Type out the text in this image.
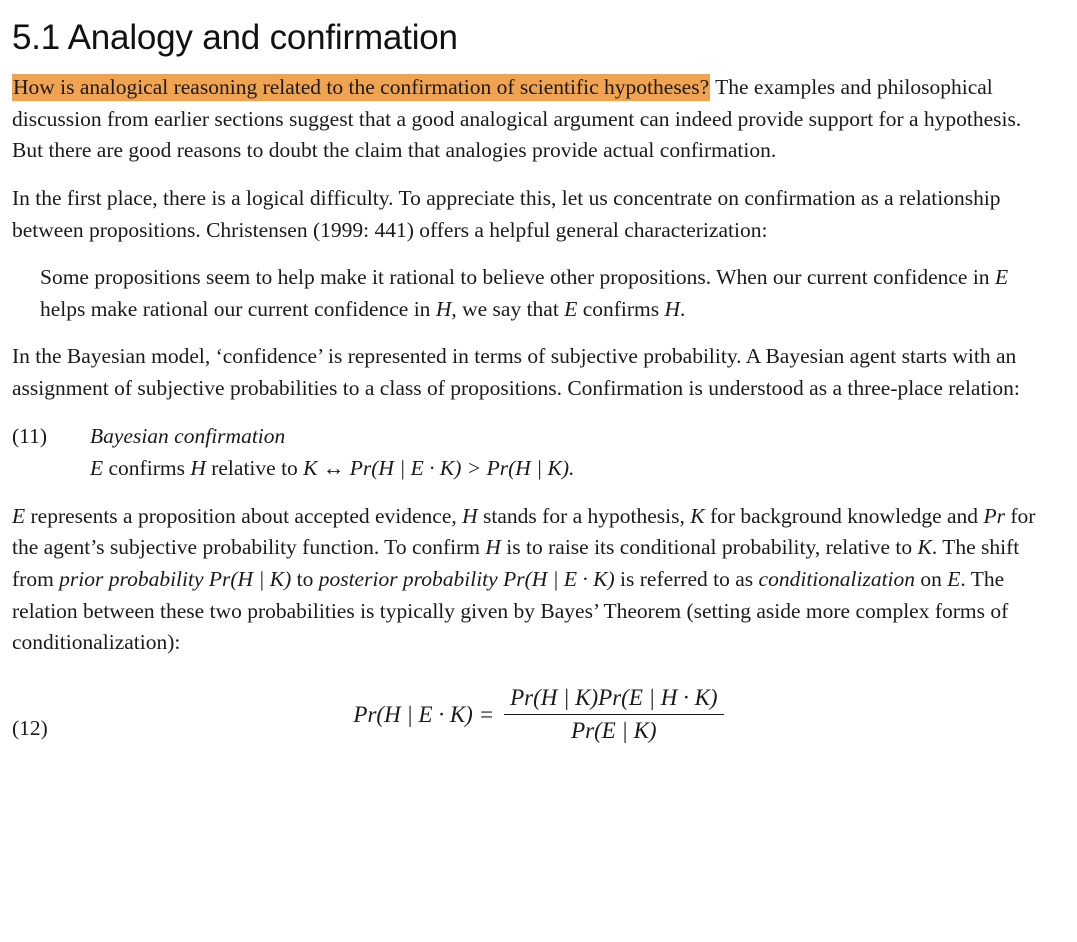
5.1 Analogy and confirmation

How is analogical reasoning related to the confirmation of scientific hypotheses? The examples and philosophical discussion from earlier sections suggest that a good analogical argument can indeed provide support for a hypothesis. But there are good reasons to doubt the claim that analogies provide actual confirmation.

In the first place, there is a logical difficulty. To appreciate this, let us concentrate on confirmation as a relationship between propositions. Christensen (1999: 441) offers a helpful general characterization:

Some propositions seem to help make it rational to believe other propositions. When our current confidence in E helps make rational our current confidence in H, we say that E confirms H.

In the Bayesian model, ‘confidence’ is represented in terms of subjective probability. A Bayesian agent starts with an assignment of subjective probabilities to a class of propositions. Confirmation is understood as a three-place relation:

(11)	Bayesian confirmation
E confirms H relative to K ↔ Pr(H | E · K) > Pr(H | K).

E represents a proposition about accepted evidence, H stands for a hypothesis, K for background knowledge and Pr for the agent’s subjective probability function. To confirm H is to raise its conditional probability, relative to K. The shift from prior probability Pr(H | K) to posterior probability Pr(H | E · K) is referred to as conditionalization on E. The relation between these two probabilities is typically given by Bayes’ Theorem (setting aside more complex forms of conditionalization):

(12)
Pr(H | $E \cdot K) = \frac{Pr(H | K)Pr(E | H \cdot K)}{Pr(E | K)}$
